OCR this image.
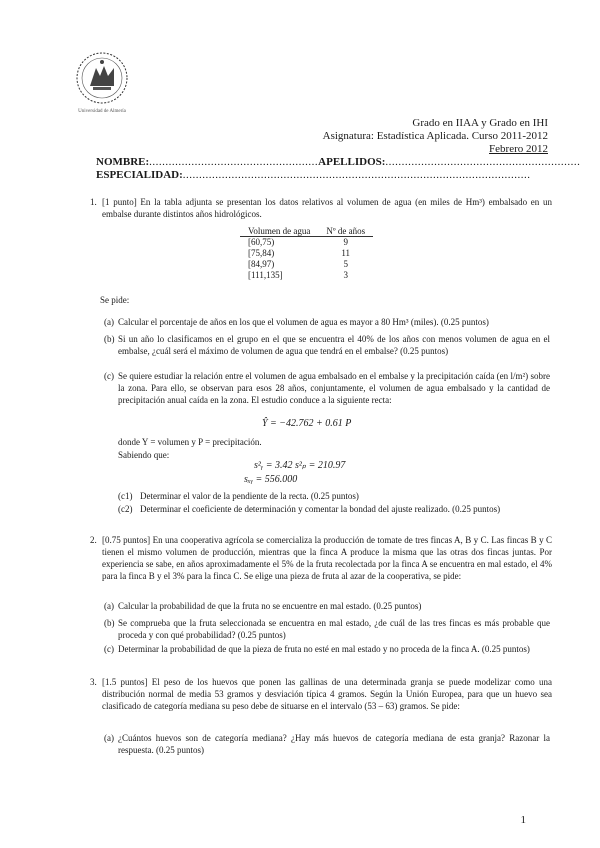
Universidad de Almería
Grado en IIAA y Grado en IHI
Asignatura: Estadística Aplicada. Curso 2011-2012
Febrero 2012
NOMBRE:....................................................APELLIDOS:............................................................
ESPECIALIDAD:...........................................................................................................
1. [1 punto] En la tabla adjunta se presentan los datos relativos al volumen de agua (en miles de Hm³) embalsado en un embalse durante distintos años hidrológicos.
Volumen de agua	Nº de años
[60,75)	9
[75,84)	11
[84,97)	5
[111,135]	3
Se pide:
(a) Calcular el porcentaje de años en los que el volumen de agua es mayor a 80 Hm³ (miles). (0.25 puntos)
(b) Si un año lo clasificamos en el grupo en el que se encuentra el 40% de los años con menos volumen de agua en el embalse, ¿cuál será el máximo de volumen de agua que tendrá en el embalse? (0.25 puntos)
(c) Se quiere estudiar la relación entre el volumen de agua embalsado en el embalse y la precipitación caída (en l/m²) sobre la zona. Para ello, se observan para esos 28 años, conjuntamente, el volumen de agua embalsado y la cantidad de precipitación anual caída en la zona. El estudio conduce a la siguiente recta:
Ŷ = −42.762 + 0.61 P
donde Y = volumen y P = precipitación.
Sabiendo que:
s²ᵧ = 3.42 s²ₚ = 210.97
sₓᵧ = 556.000
(c1) Determinar el valor de la pendiente de la recta. (0.25 puntos)
(c2) Determinar el coeficiente de determinación y comentar la bondad del ajuste realizado. (0.25 puntos)
2. [0.75 puntos] En una cooperativa agrícola se comercializa la producción de tomate de tres fincas A, B y C. Las fincas B y C tienen el mismo volumen de producción, mientras que la finca A produce la misma que las otras dos fincas juntas. Por experiencia se sabe, en años aproximadamente el 5% de la fruta recolectada por la finca A se encuentra en mal estado, el 4% para la finca B y el 3% para la finca C. Se elige una pieza de fruta al azar de la cooperativa, se pide:
(a) Calcular la probabilidad de que la fruta no se encuentre en mal estado. (0.25 puntos)
(b) Se comprueba que la fruta seleccionada se encuentra en mal estado, ¿de cuál de las tres fincas es más probable que proceda y con qué probabilidad? (0.25 puntos)
(c) Determinar la probabilidad de que la pieza de fruta no esté en mal estado y no proceda de la finca A. (0.25 puntos)
3. [1.5 puntos] El peso de los huevos que ponen las gallinas de una determinada granja se puede modelizar como una distribución normal de media 53 gramos y desviación típica 4 gramos. Según la Unión Europea, para que un huevo sea clasificado de categoría mediana su peso debe de situarse en el intervalo (53 – 63) gramos. Se pide:
(a) ¿Cuántos huevos son de categoría mediana? ¿Hay más huevos de categoría mediana de esta granja? Razonar la respuesta. (0.25 puntos)
1
